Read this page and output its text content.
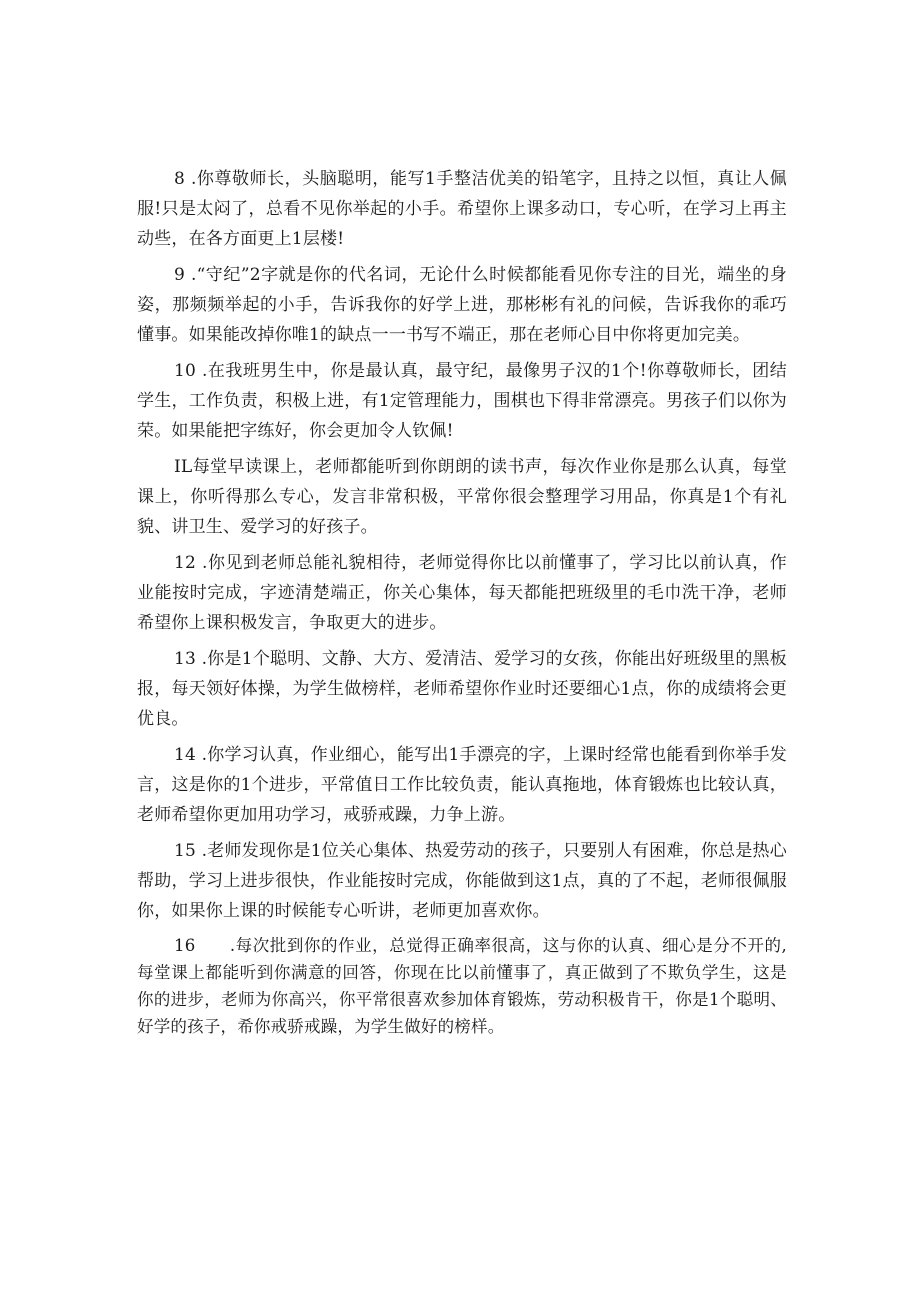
8 .你尊敬师长，头脑聪明，能写1手整洁优美的铅笔字，且持之以恒，真让人佩服!只是太闷了，总看不见你举起的小手。希望你上课多动口，专心听，在学习上再主动些，在各方面更上1层楼!

9 .“守纪”2字就是你的代名词，无论什么时候都能看见你专注的目光，端坐的身姿，那频频举起的小手，告诉我你的好学上进，那彬彬有礼的问候，告诉我你的乖巧懂事。如果能改掉你唯1的缺点一一书写不端正，那在老师心目中你将更加完美。

10 .在我班男生中，你是最认真，最守纪，最像男子汉的1个!你尊敬师长，团结学生，工作负责，积极上进，有1定管理能力，围棋也下得非常漂亮。男孩子们以你为荣。如果能把字练好，你会更加令人钦佩!

IL每堂早读课上，老师都能听到你朗朗的读书声，每次作业你是那么认真，每堂课上，你听得那么专心，发言非常积极，平常你很会整理学习用品，你真是1个有礼貌、讲卫生、爱学习的好孩子。

12 .你见到老师总能礼貌相待，老师觉得你比以前懂事了，学习比以前认真，作业能按时完成，字迹清楚端正，你关心集体，每天都能把班级里的毛巾洗干净，老师希望你上课积极发言，争取更大的进步。

13 .你是1个聪明、文静、大方、爱清洁、爱学习的女孩，你能出好班级里的黑板报，每天领好体操，为学生做榜样，老师希望你作业时还要细心1点，你的成绩将会更优良。

14 .你学习认真，作业细心，能写出1手漂亮的字，上课时经常也能看到你举手发言，这是你的1个进步，平常值日工作比较负责，能认真拖地，体育锻炼也比较认真，老师希望你更加用功学习，戒骄戒躁，力争上游。

15 .老师发现你是1位关心集体、热爱劳动的孩子，只要别人有困难，你总是热心帮助，学习上进步很快，作业能按时完成，你能做到这1点，真的了不起，老师很佩服你，如果你上课的时候能专心听讲，老师更加喜欢你。

16　　.每次批到你的作业，总觉得正确率很高，这与你的认真、细心是分不开的,每堂课上都能听到你满意的回答，你现在比以前懂事了，真正做到了不欺负学生，这是你的进步，老师为你高兴，你平常很喜欢参加体育锻炼，劳动积极肯干，你是1个聪明、好学的孩子，希你戒骄戒躁，为学生做好的榜样。
